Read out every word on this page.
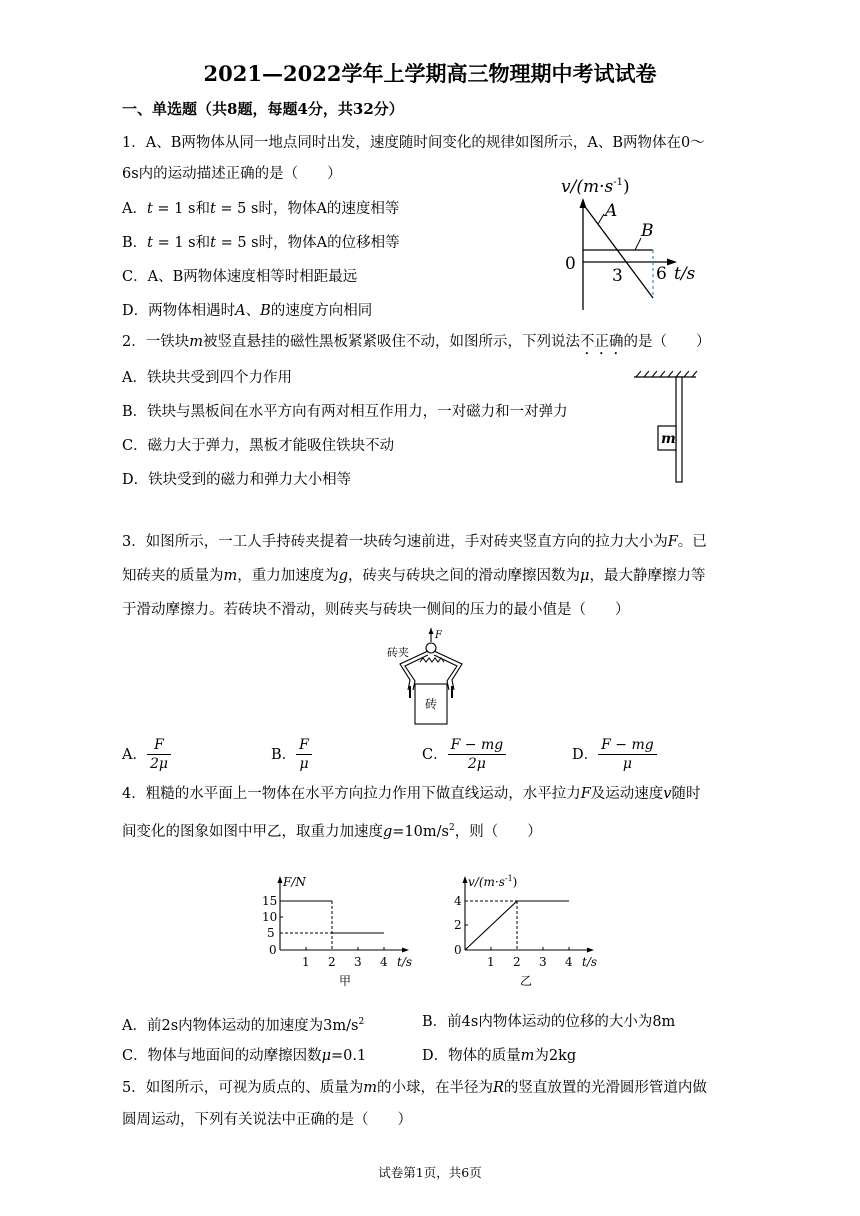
2021—2022学年上学期高三物理期中考试试卷
一、单选题（共8题，每题4分，共32分）
1．A、B两物体从同一地点同时出发，速度随时间变化的规律如图所示，A、B两物体在0～
6s内的运动描述正确的是（　　）
A．t = 1 s和t = 5 s时，物体A的速度相等
B．t = 1 s和t = 5 s时，物体A的位移相等
C．A、B两物体速度相等时相距最远
D．两物体相遇时A、B的速度方向相同
$v/(m\cdot s^{-1})$
A
B
0
3 6 t/s
2．一铁块m被竖直悬挂的磁性黑板紧紧吸住不动，如图所示，下列说法不正确的是（　　）
A．铁块共受到四个力作用
B．铁块与黑板间在水平方向有两对相互作用力，一对磁力和一对弹力
C．磁力大于弹力，黑板才能吸住铁块不动
D．铁块受到的磁力和弹力大小相等
m
3．如图所示，一工人手持砖夹提着一块砖匀速前进，手对砖夹竖直方向的拉力大小为F。已
知砖夹的质量为m，重力加速度为g，砖夹与砖块之间的滑动摩擦因数为μ，最大静摩擦力等
于滑动摩擦力。若砖块不滑动，则砖夹与砖块一侧间的压力的最小值是（　　）
F
砖夹
砖
A． $\frac{F}{2\mu}$	B． $\frac{F}{\mu}$	C． $\frac{F - mg}{2\mu}$	D． $\frac{F - mg}{\mu}$
4．粗糙的水平面上一物体在水平方向拉力作用下做直线运动，水平拉力F及运动速度v随时
间变化的图象如图中甲乙，取重力加速度$g=10m/s^2$，则（　　）
F/N
15
10
5
0
1 2 3 4 t/s
甲
$v/(m\cdot s^{-1})$
4
2
0
1 2 3 4 t/s
乙
A．前2s内物体运动的加速度为$3m/s^2$	B．前4s内物体运动的位移的大小为8m
C．物体与地面间的动摩擦因数μ=0.1	D．物体的质量m为2kg
5．如图所示，可视为质点的、质量为m的小球，在半径为R的竖直放置的光滑圆形管道内做
圆周运动，下列有关说法中正确的是（　　）
试卷第1页，共6页
